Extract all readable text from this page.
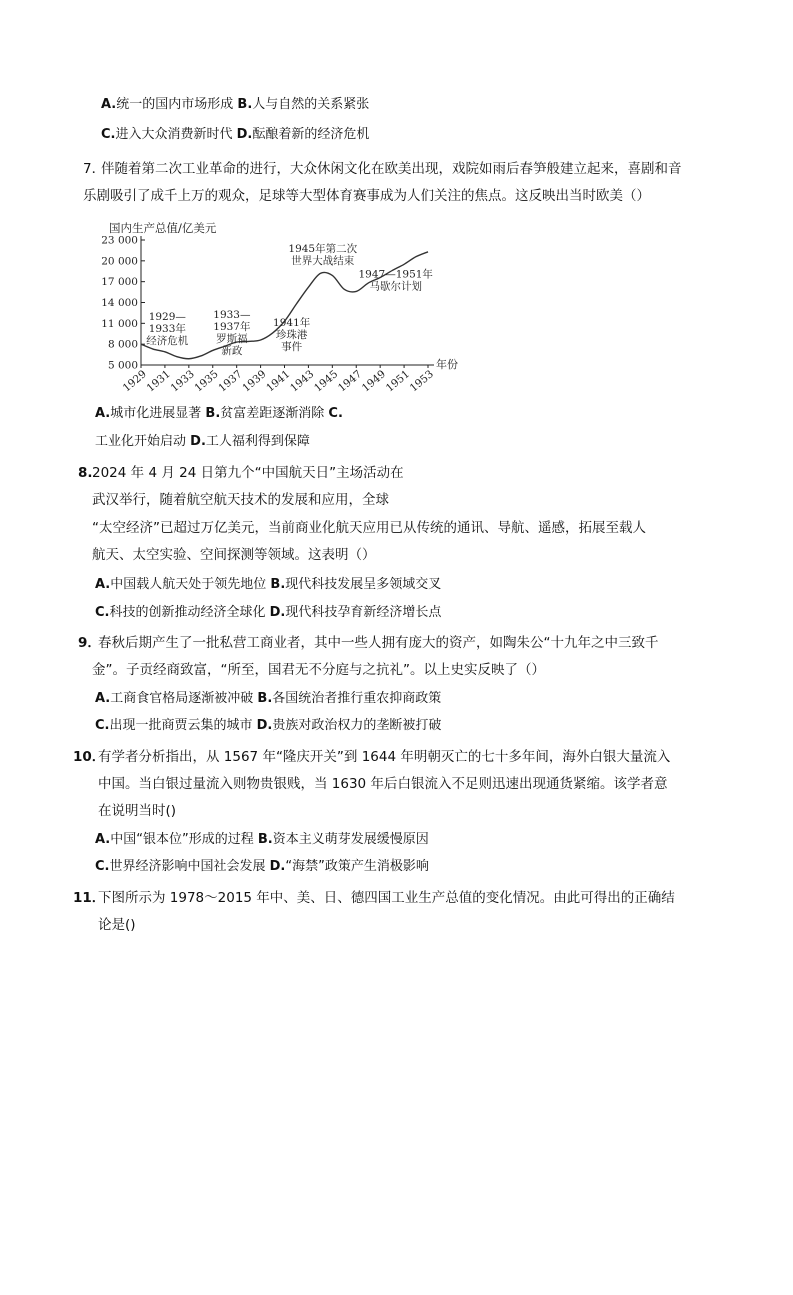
A.统一的国内市场形成 B.人与自然的关系紧张
C.进入大众消费新时代 D.酝酿着新的经济危机
7．
伴随着第二次工业革命的进行，大众休闲文化在欧美出现，戏院如雨后春笋般建立起来，喜剧和音
乐剧吸引了成千上万的观众，足球等大型体育赛事成为人们关注的焦点。这反映出当时欧美（）
国内生产总值/亿美元
23 000
20 000
17 000
14 000
11 000
8 000
5 000
1929
1931
1933
1935
1937
1939
1941
1943
1945
1947
1949
1951
1953
年份
1929— 1933年经济危机
1933— 1937年罗斯福新政
1941年珍珠港事件
1945年第二次世界大战结束
1947—1951年马歇尔计划
A.城市化进展显著 B.贫富差距逐渐消除 C.
工业化开始启动 D.工人福利得到保障
8. 2024 年 4 月 24 日第九个“中国航天日”主场活动在
武汉举行，随着航空航天技术的发展和应用，全球
“太空经济”已超过万亿美元，当前商业化航天应用已从传统的通讯、导航、遥感，拓展至载人
航天、太空实验、空间探测等领域。这表明（）
A.中国载人航天处于领先地位 B.现代科技发展呈多领域交叉
C.科技的创新推动经济全球化 D.现代科技孕育新经济增长点
9．
春秋后期产生了一批私营工商业者，其中一些人拥有庞大的资产，如陶朱公“十九年之中三致千
金”。子贡经商致富，“所至，国君无不分庭与之抗礼”。以上史实反映了（）
A.工商食官格局逐渐被冲破 B.各国统治者推行重农抑商政策
C.出现一批商贾云集的城市 D.贵族对政治权力的垄断被打破
10．
有学者分析指出，从 1567 年“隆庆开关”到 1644 年明朝灭亡的七十多年间，海外白银大量流入
中国。当白银过量流入则物贵银贱，当 1630 年后白银流入不足则迅速出现通货紧缩。该学者意
在说明当时()
A.中国“银本位”形成的过程 B.资本主义萌芽发展缓慢原因
C.世界经济影响中国社会发展 D.“海禁”政策产生消极影响
11．
下图所示为 1978～2015 年中、美、日、德四国工业生产总值的变化情况。由此可得出的正确结
论是()
